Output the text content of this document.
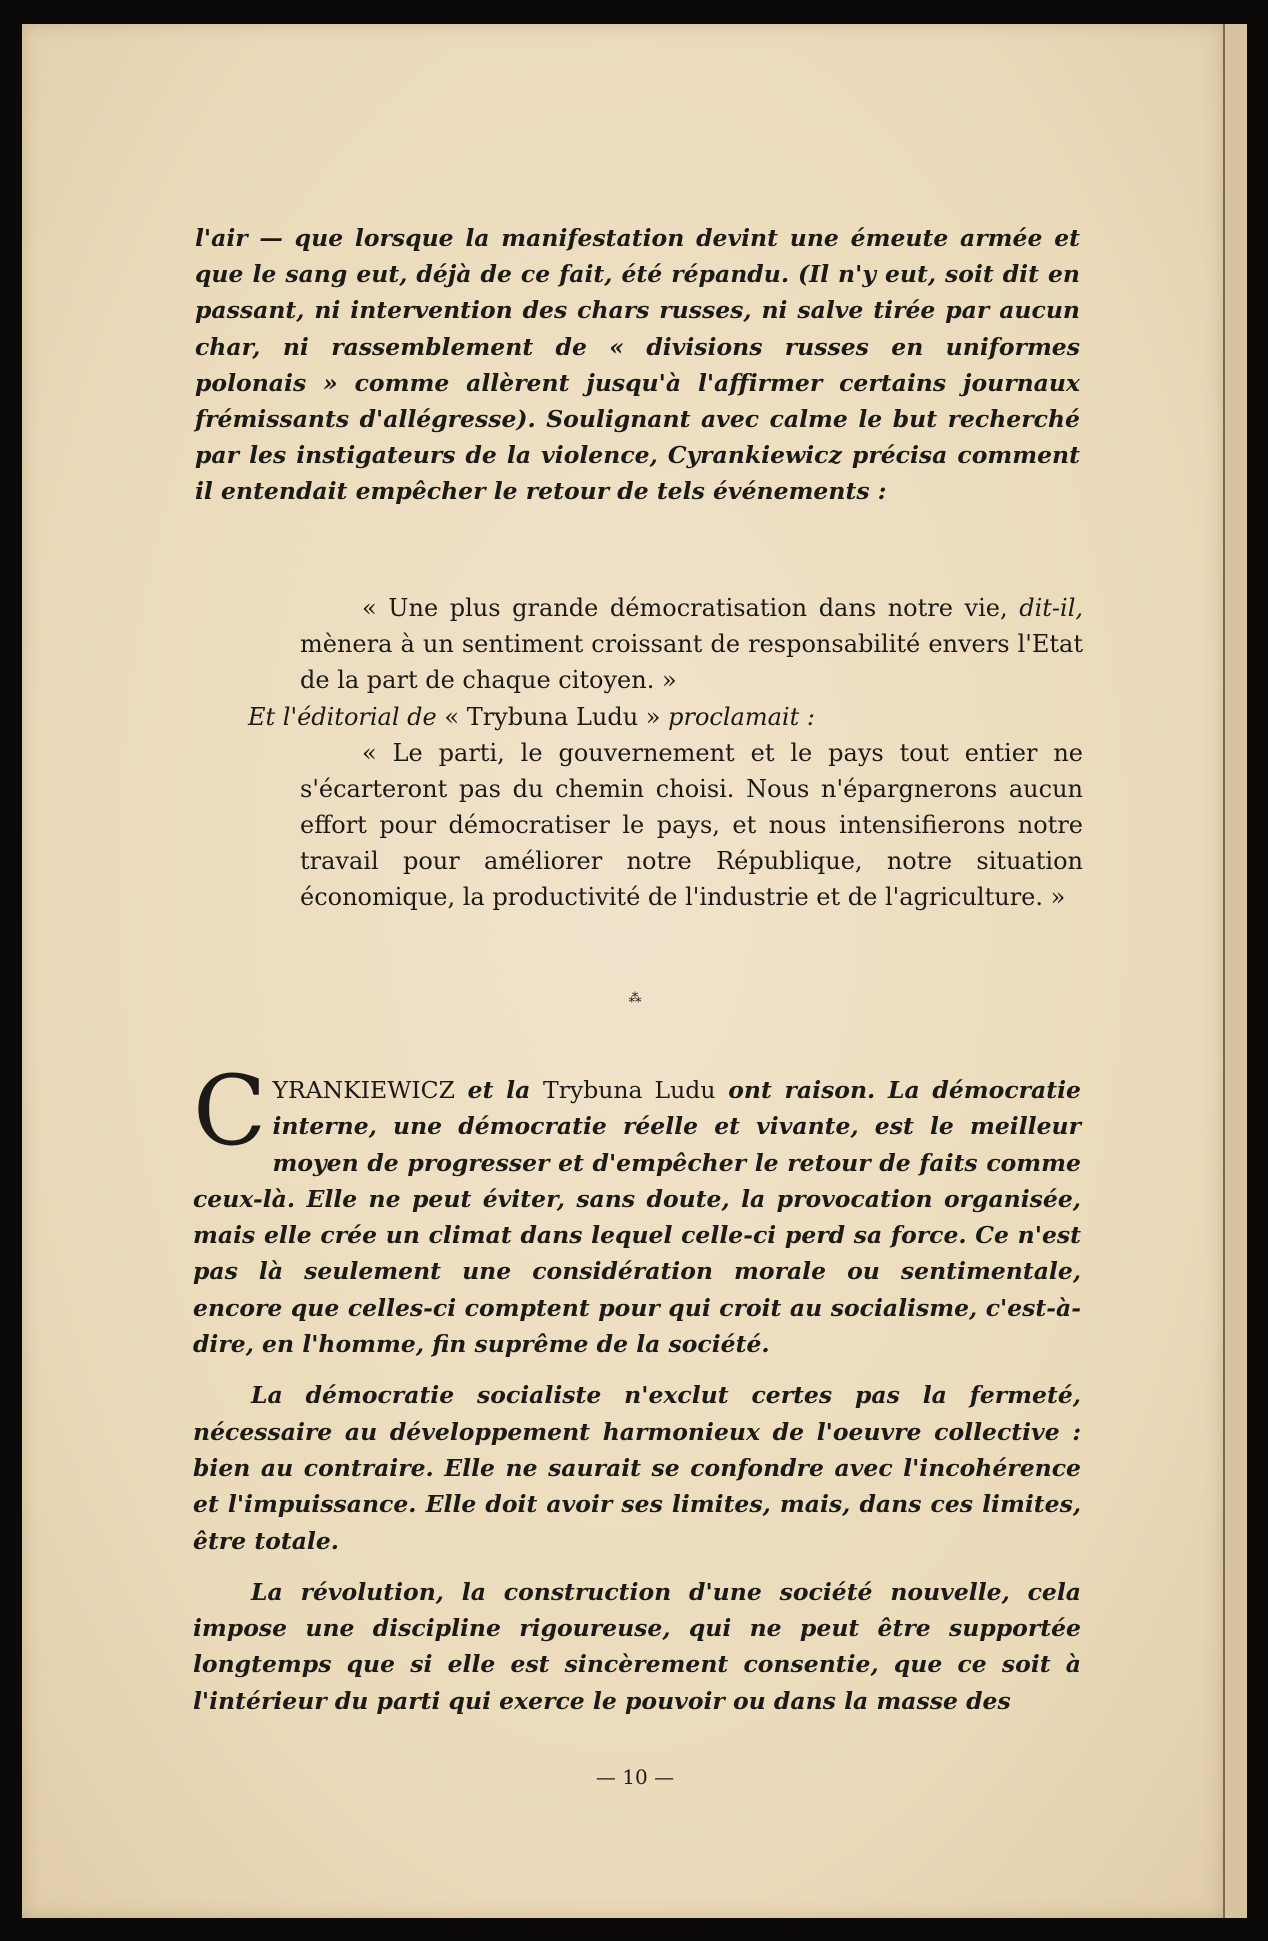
l'air — que lorsque la manifestation devint une émeute armée et que le sang eut, déjà de ce fait, été répandu. (Il n'y eut, soit dit en passant, ni intervention des chars russes, ni salve tirée par aucun char, ni rassemblement de « divisions russes en uniformes polonais » comme allèrent jusqu'à l'affirmer certains journaux frémissants d'allégresse). Soulignant avec calme le but recherché par les instigateurs de la violence, Cyrankiewicz précisa comment il entendait empêcher le retour de tels événements :

« Une plus grande démocratisation dans notre vie, dit-il, mènera à un sentiment croissant de responsabilité envers l'Etat de la part de chaque citoyen. »

Et l'éditorial de « Trybuna Ludu » proclamait :

« Le parti, le gouvernement et le pays tout entier ne s'écarteront pas du chemin choisi. Nous n'épargnerons aucun effort pour démocratiser le pays, et nous intensifierons notre travail pour améliorer notre République, notre situation économique, la productivité de l'industrie et de l'agriculture. »

⁂

CYRANKIEWICZ et la Trybuna Ludu ont raison. La démocratie interne, une démocratie réelle et vivante, est le meilleur moyen de progresser et d'empêcher le retour de faits comme ceux-là. Elle ne peut éviter, sans doute, la provocation organisée, mais elle crée un climat dans lequel celle-ci perd sa force. Ce n'est pas là seulement une considération morale ou sentimentale, encore que celles-ci comptent pour qui croit au socialisme, c'est-à-dire, en l'homme, fin suprême de la société.

La démocratie socialiste n'exclut certes pas la fermeté, nécessaire au développement harmonieux de l'oeuvre collective : bien au contraire. Elle ne saurait se confondre avec l'incohérence et l'impuissance. Elle doit avoir ses limites, mais, dans ces limites, être totale.

La révolution, la construction d'une société nouvelle, cela impose une discipline rigoureuse, qui ne peut être supportée longtemps que si elle est sincèrement consentie, que ce soit à l'intérieur du parti qui exerce le pouvoir ou dans la masse des

— 10 —
